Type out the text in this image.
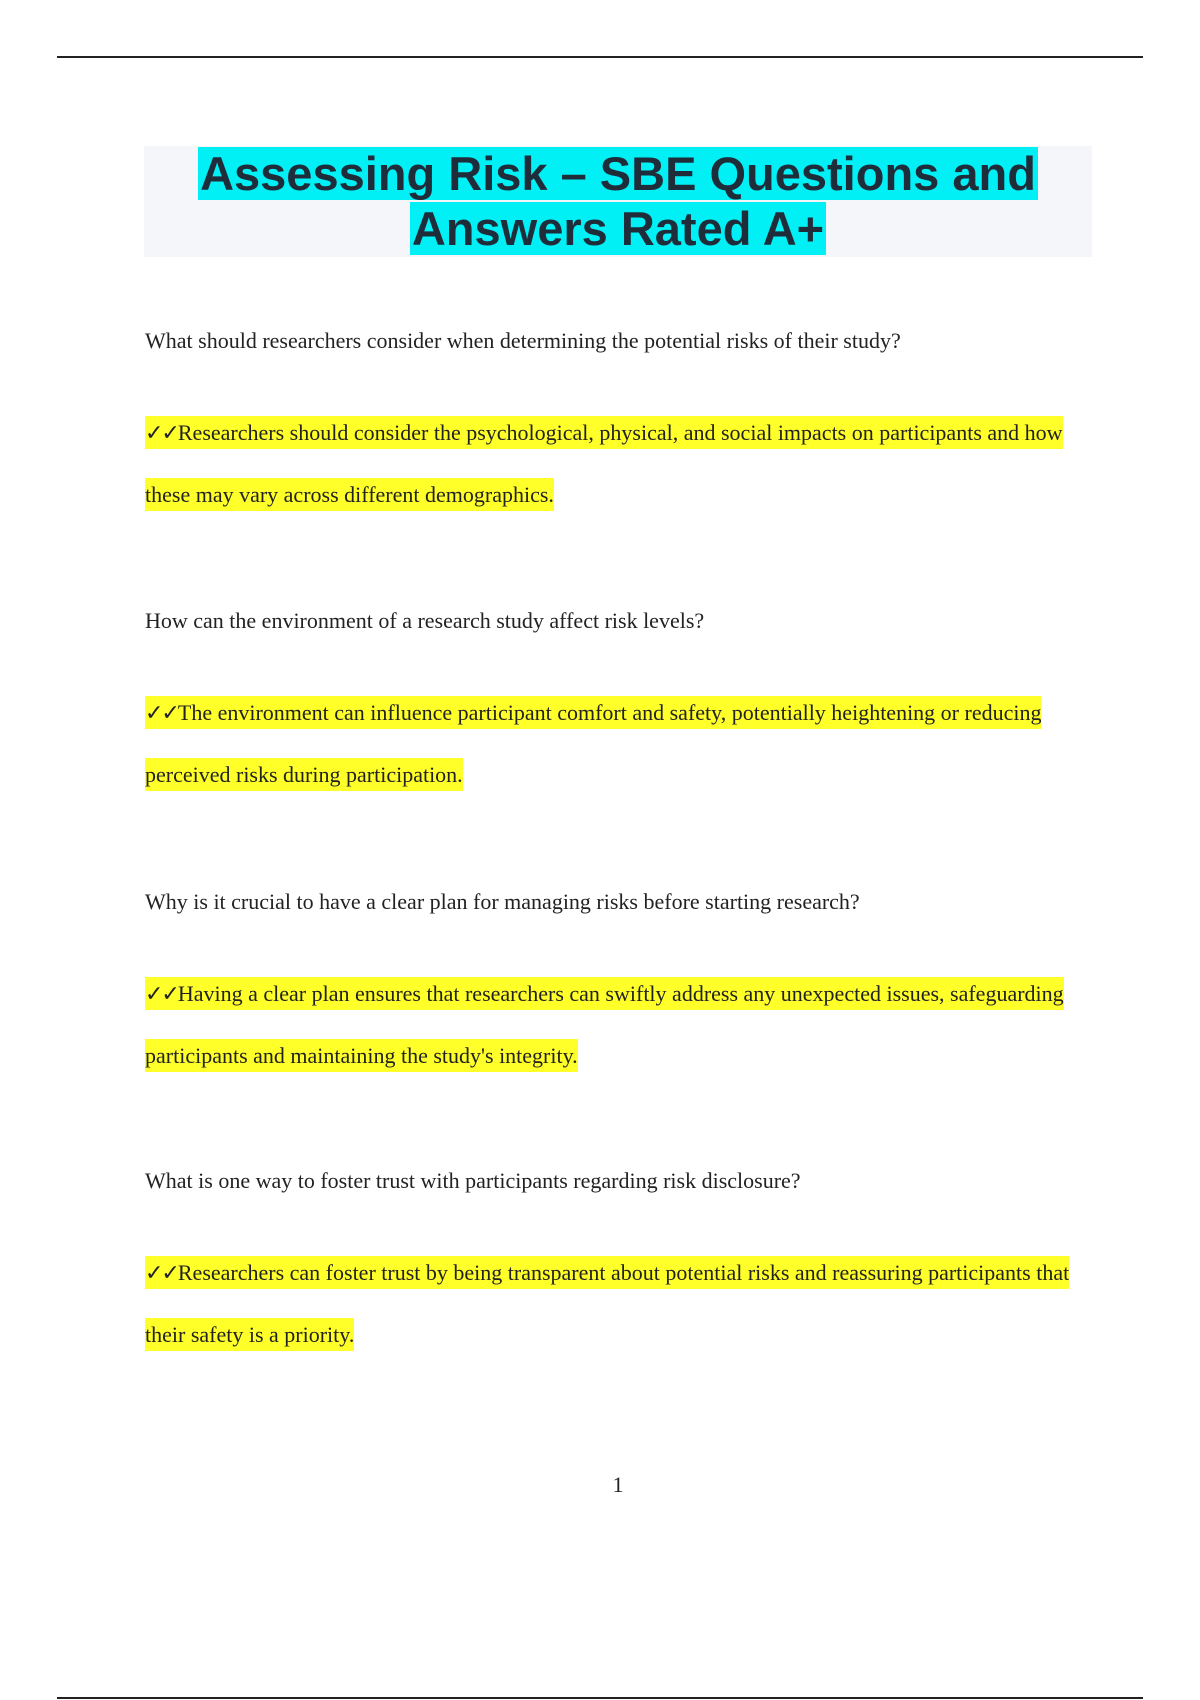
Assessing Risk – SBE Questions and
Answers Rated A+

What should researchers consider when determining the potential risks of their study?

✓✓Researchers should consider the psychological, physical, and social impacts on participants and how these may vary across different demographics.

How can the environment of a research study affect risk levels?

✓✓The environment can influence participant comfort and safety, potentially heightening or reducing perceived risks during participation.

Why is it crucial to have a clear plan for managing risks before starting research?

✓✓Having a clear plan ensures that researchers can swiftly address any unexpected issues, safeguarding participants and maintaining the study's integrity.

What is one way to foster trust with participants regarding risk disclosure?

✓✓Researchers can foster trust by being transparent about potential risks and reassuring participants that their safety is a priority.
1
